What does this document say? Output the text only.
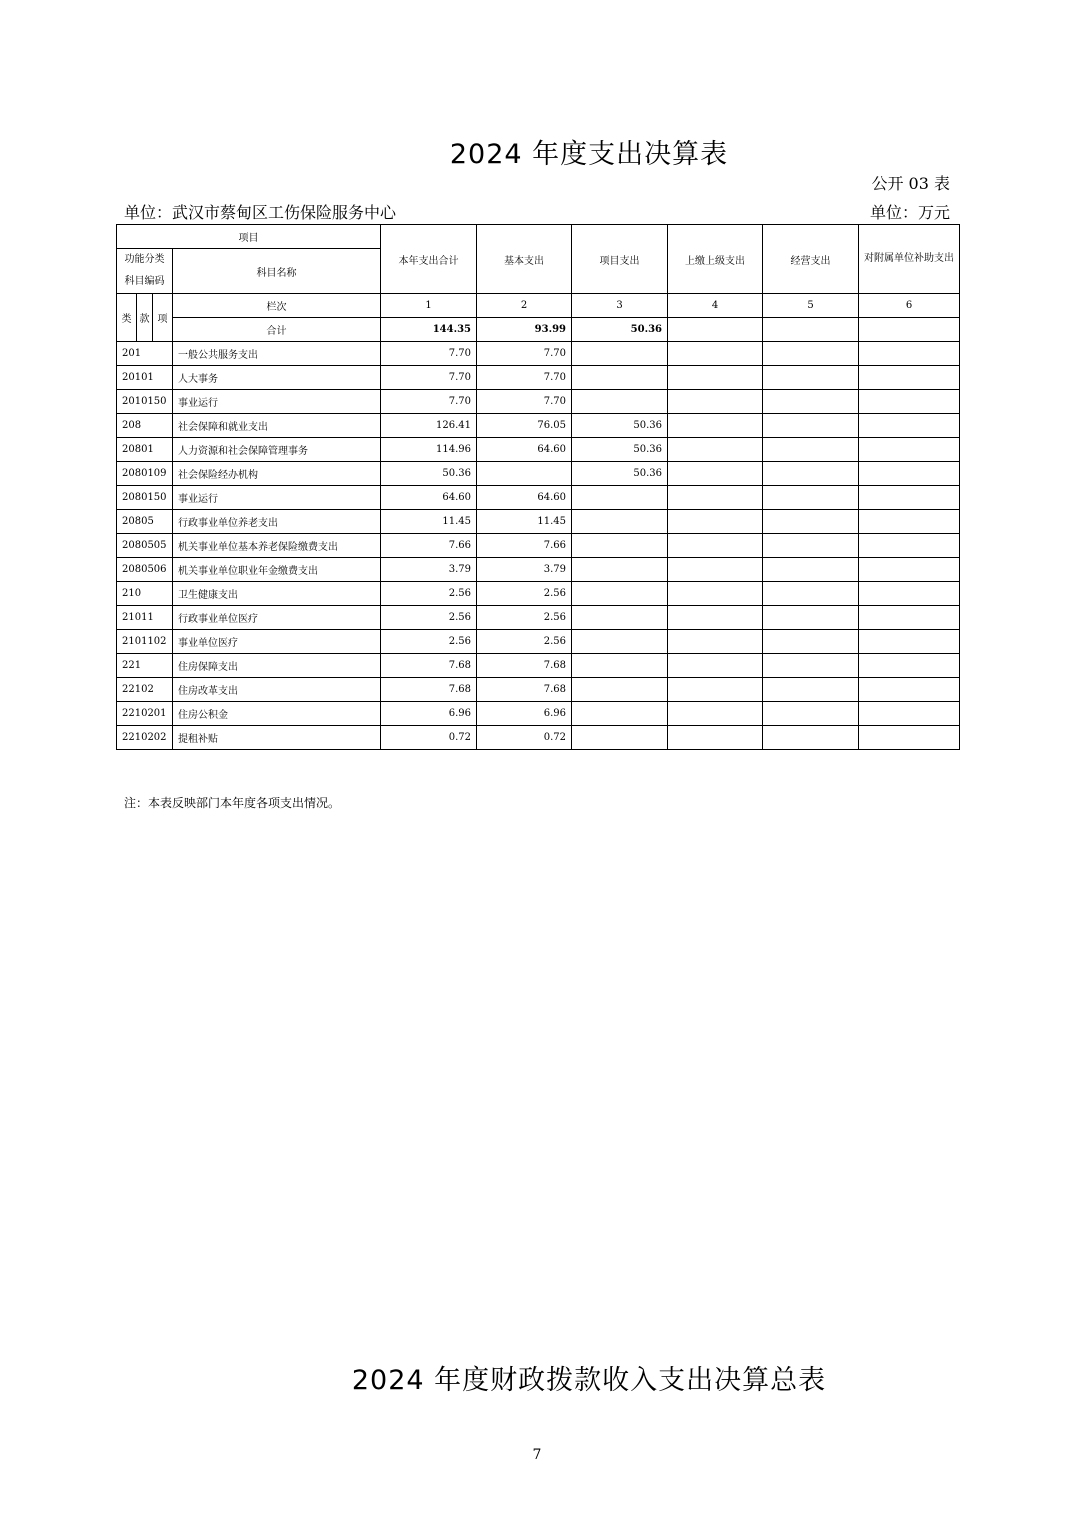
2024 年度支出决算表
公开 03 表
单位：武汉市蔡甸区工伤保险服务中心	单位：万元
项目				本年支出合计	基本支出	项目支出	上缴上级支出	经营支出	对附属单位补助支出

功能分类科目编码			科目名称						
类	款	项	栏次	1	2	3	4	5	6
			合计	144.35	93.99	50.36			
201			一般公共服务支出	7.70	7.70				
20101			人大事务	7.70	7.70				
2010150			事业运行	7.70	7.70				
208			社会保障和就业支出	126.41	76.05	50.36			
20801			人力资源和社会保障管理事务	114.96	64.60	50.36			
2080109			社会保险经办机构	50.36		50.36			
2080150			事业运行	64.60	64.60				
20805			行政事业单位养老支出	11.45	11.45				
2080505			机关事业单位基本养老保险缴费支出	7.66	7.66				
2080506			机关事业单位职业年金缴费支出	3.79	3.79				
210			卫生健康支出	2.56	2.56				
21011			行政事业单位医疗	2.56	2.56				
2101102			事业单位医疗	2.56	2.56				
221			住房保障支出	7.68	7.68				
22102			住房改革支出	7.68	7.68				
2210201			住房公积金	6.96	6.96				
2210202			提租补贴	0.72	0.72				
注：本表反映部门本年度各项支出情况。
2024 年度财政拨款收入支出决算总表
7
